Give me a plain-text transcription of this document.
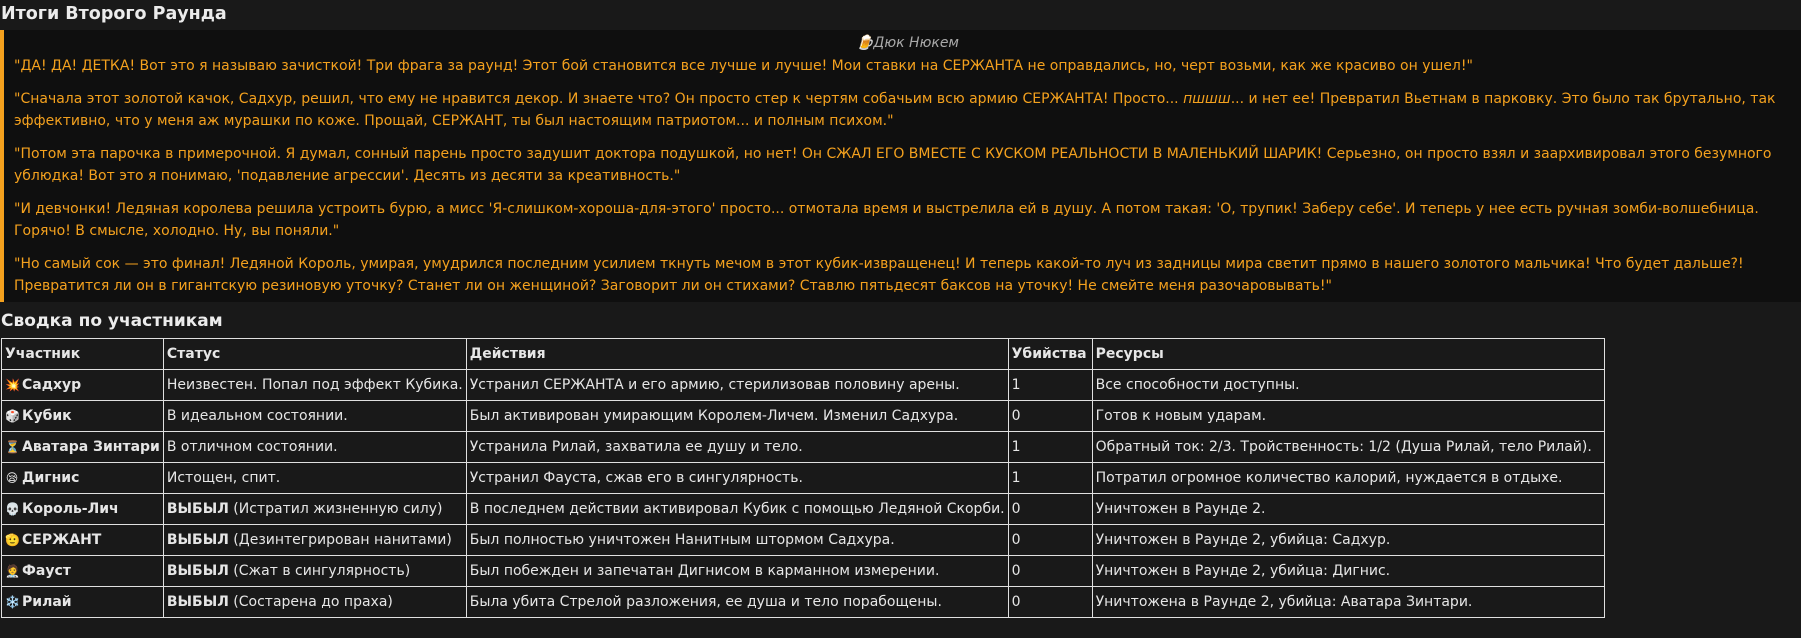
Итоги Второго Раунда
🍺Дюк Нюкем

"ДА! ДА! ДЕТКА! Вот это я называю зачисткой! Три фрага за раунд! Этот бой становится все лучше и лучше! Мои ставки на СЕРЖАНТА не оправдались, но, черт возьми, как же красиво он ушел!"

"Сначала этот золотой качок, Садхур, решил, что ему не нравится декор. И знаете что? Он просто стер к чертям собачьим всю армию СЕРЖАНТА! Просто... пшшш... и нет ее! Превратил Вьетнам в парковку. Это было так брутально, так эффективно, что у меня аж мурашки по коже. Прощай, СЕРЖАНТ, ты был настоящим патриотом... и полным психом."

"Потом эта парочка в примерочной. Я думал, сонный парень просто задушит доктора подушкой, но нет! Он СЖАЛ ЕГО ВМЕСТЕ С КУСКОМ РЕАЛЬНОСТИ В МАЛЕНЬКИЙ ШАРИК! Серьезно, он просто взял и заархивировал этого безумного ублюдка! Вот это я понимаю, 'подавление агрессии'. Десять из десяти за креативность."

"И девчонки! Ледяная королева решила устроить бурю, а мисс 'Я-слишком-хороша-для-этого' просто... отмотала время и выстрелила ей в душу. А потом такая: 'О, трупик! Заберу себе'. И теперь у нее есть ручная зомби-волшебница. Горячо! В смысле, холодно. Ну, вы поняли."

"Но самый сок — это финал! Ледяной Король, умирая, умудрился последним усилием ткнуть мечом в этот кубик-извращенец! И теперь какой-то луч из задницы мира светит прямо в нашего золотого мальчика! Что будет дальше?! Превратится ли он в гигантскую резиновую уточку? Станет ли он женщиной? Заговорит ли он стихами? Ставлю пятьдесят баксов на уточку! Не смейте меня разочаровывать!"

Сводка по участникам
Участник	Статус	Действия	Убийства	Ресурсы
💥 Садхур	Неизвестен. Попал под эффект Кубика.	Устранил СЕРЖАНТА и его армию, стерилизовав половину арены.	1	Все способности доступны.
🎲 Кубик	В идеальном состоянии.	Был активирован умирающим Королем-Личем. Изменил Садхура.	0	Готов к новым ударам.
⏳ Аватара Зинтари	В отличном состоянии.	Устранила Рилай, захватила ее душу и тело.	1	Обратный ток: 2/3. Тройственность: 1/2 (Душа Рилай, тело Рилай).
😪 Дигнис	Истощен, спит.	Устранил Фауста, сжав его в сингулярность.	1	Потратил огромное количество калорий, нуждается в отдыхе.
💀 Король-Лич	ВЫБЫЛ (Истратил жизненную силу)	В последнем действии активировал Кубик с помощью Ледяной Скорби.	0	Уничтожен в Раунде 2.
🫡 СЕРЖАНТ	ВЫБЫЛ (Дезинтегрирован нанитами)	Был полностью уничтожен Нанитным штормом Садхура.	0	Уничтожен в Раунде 2, убийца: Садхур.
🧑‍⚕️ Фауст	ВЫБЫЛ (Сжат в сингулярность)	Был побежден и запечатан Дигнисом в карманном измерении.	0	Уничтожен в Раунде 2, убийца: Дигнис.
❄️ Рилай	ВЫБЫЛ (Состарена до праха)	Была убита Стрелой разложения, ее душа и тело порабощены.	0	Уничтожена в Раунде 2, убийца: Аватара Зинтари.
